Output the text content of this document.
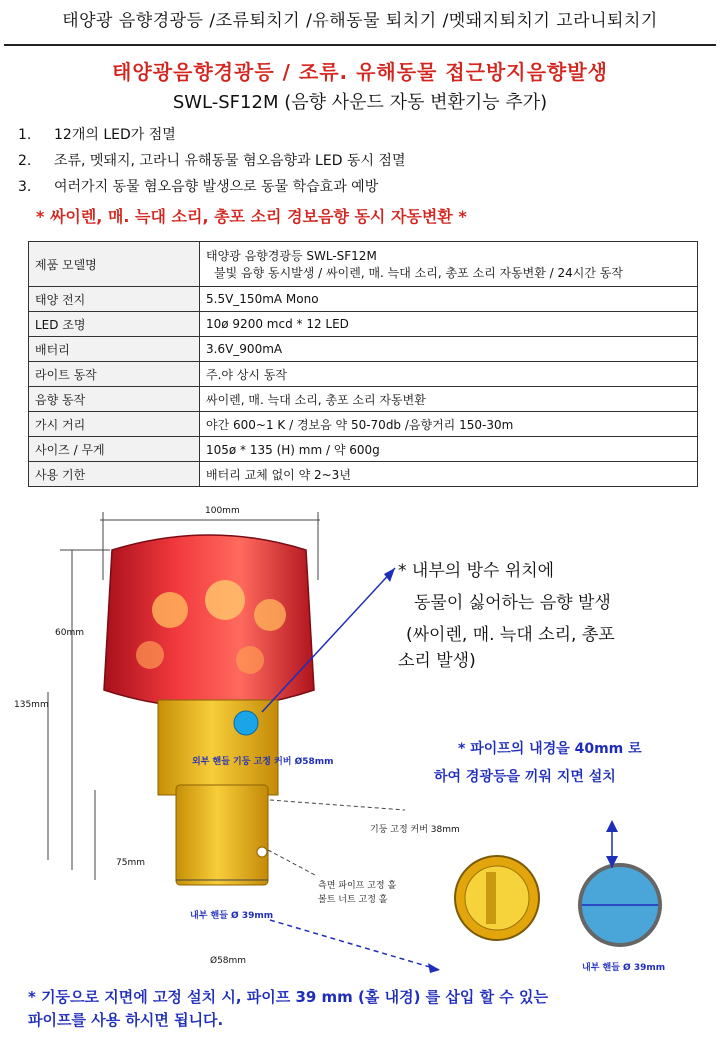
태양광 음향경광등 /조류퇴치기 /유해동물 퇴치기 /멧돼지퇴치기 고라니퇴치기
태양광음향경광등 / 조류. 유해동물 접근방지음향발생
SWL-SF12M (음향 사운드 자동 변환기능 추가)
1. 12개의 LED가 점멸
2. 조류, 멧돼지, 고라니 유해동물 혐오음향과 LED 동시 점멸
3. 여러가지 동물 혐오음향 발생으로 동물 학습효과 예방
* 싸이렌, 매. 늑대 소리, 총포 소리 경보음향 동시 자동변환 *
제품 모델명	태양광 음향경광등 SWL-SF12M
불빛 음향 동시발생 / 싸이렌, 매. 늑대 소리, 총포 소리 자동변환 / 24시간 동작

태양 전지	5.5V_150mA Mono
LED 조명	10ø 9200 mcd * 12 LED
배터리	3.6V_900mA
라이트 동작	주.야 상시 동작
음향 동작	싸이렌, 매. 늑대 소리, 총포 소리 자동변환
가시 거리	야간 600~1 K / 경보음 약 50-70db /음향거리 150-30m
사이즈 / 무게	105ø * 135 (H) mm / 약 600g
사용 기한	배터리 교체 없이 약 2~3년
100mm
60mm
135mm
75mm
외부 핸들 기둥 고정 커버 Ø58mm
기둥 고정 커버 38mm
측면 파이프 고정 홀
볼트 너트 고정 홀
내부 핸들 Ø 39mm
Ø58mm
내부 핸들 Ø 39mm
* 내부의 방수 위치에
동물이 싫어하는 음향 발생
(싸이렌, 매. 늑대 소리, 총포
소리 발생)
* 파이프의 내경을 40mm 로
하여 경광등을 끼워 지면 설치
* 기둥으로 지면에 고정 설치 시, 파이프 39 mm (홀 내경) 를 삽입 할 수 있는
파이프를 사용 하시면 됩니다.
